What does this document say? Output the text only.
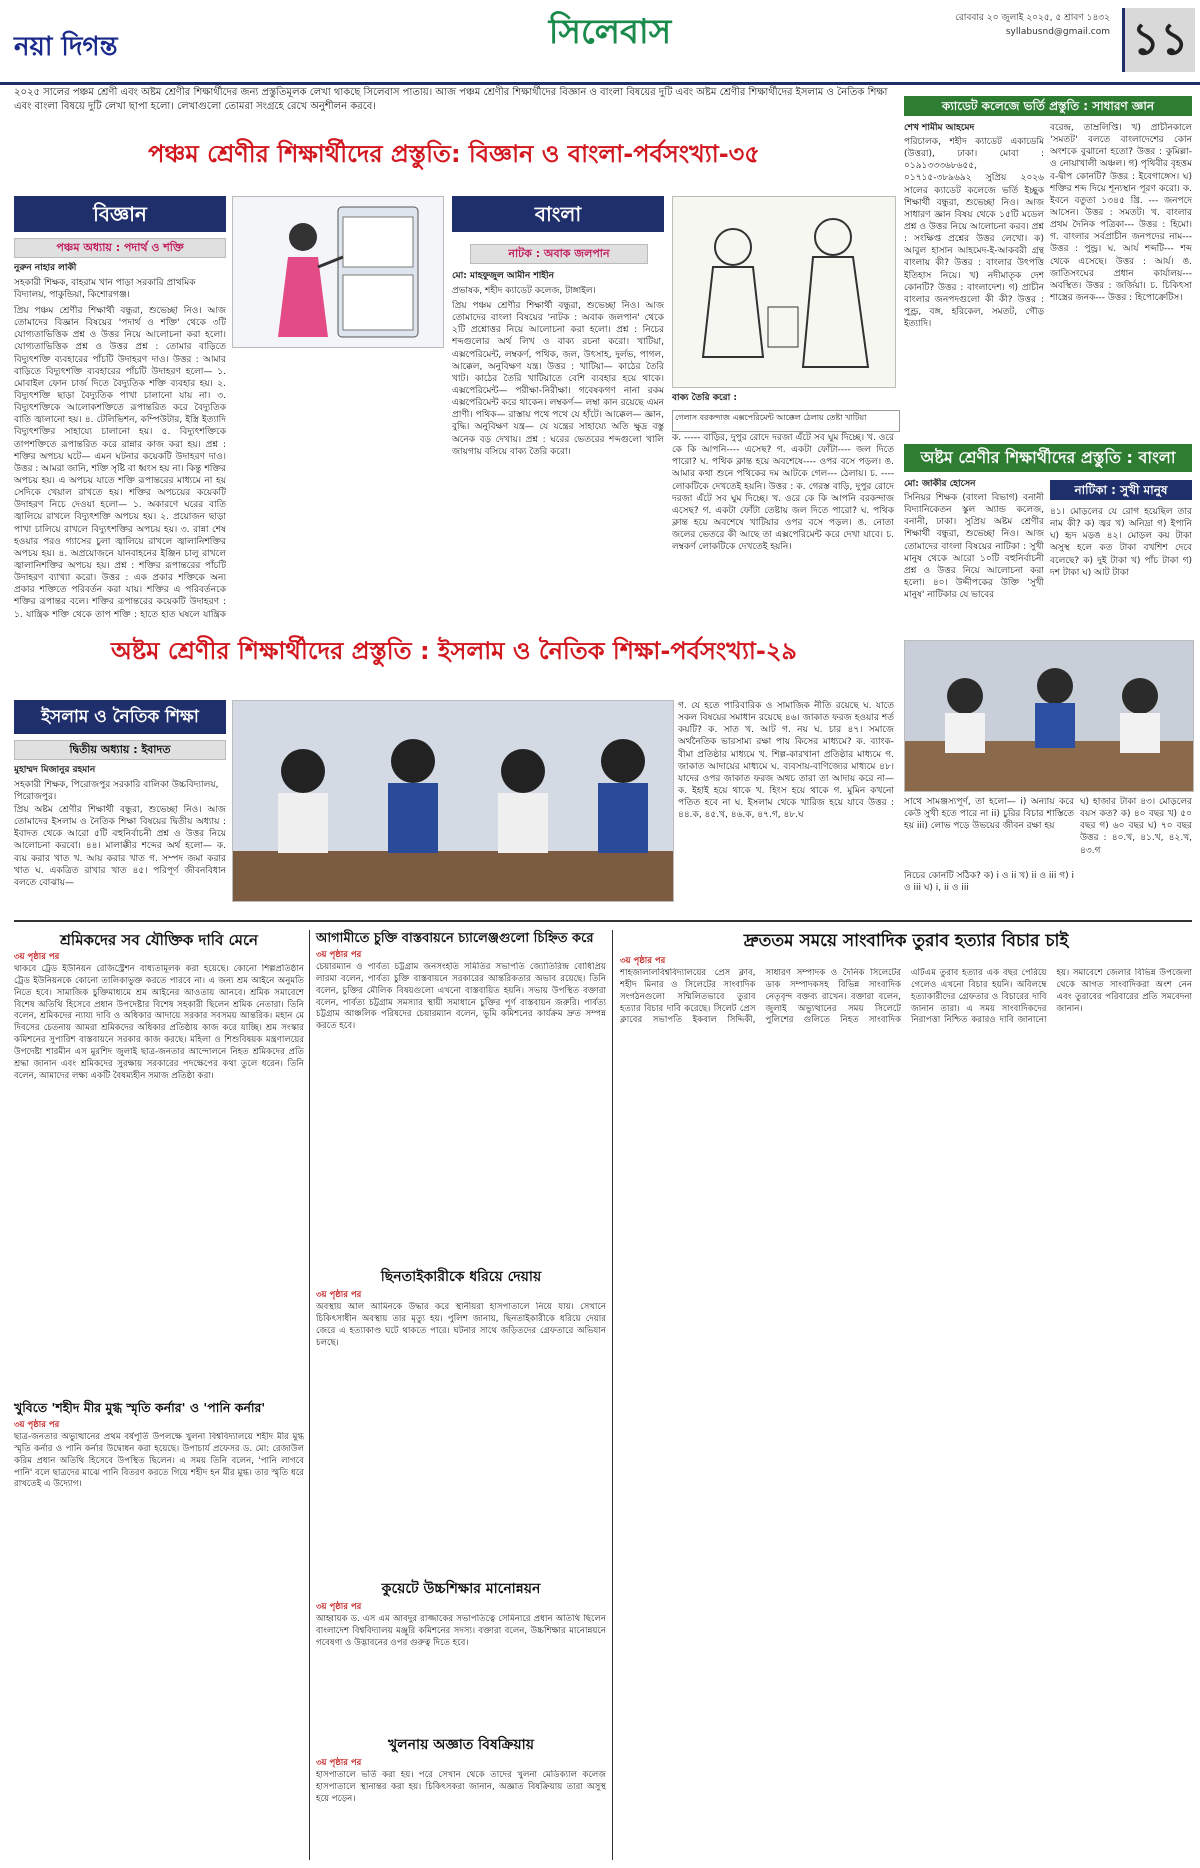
নয়া দিগন্ত	সিলেবাস	রোববার ২০ জুলাই ২০২৫, ৫ শ্রাবণ ১৪৩২
syllabusnd@gmail.com ১১
২০২৫ সালের পঞ্চম শ্রেণী এবং অষ্টম শ্রেণীর শিক্ষার্থীদের জন্য প্রস্তুতিমূলক লেখা থাকছে সিলেবাস পাতায়। আজ পঞ্চম শ্রেণীর শিক্ষার্থীদের বিজ্ঞান ও বাংলা বিষয়ের দুটি এবং অষ্টম শ্রেণীর শিক্ষার্থীদের ইসলাম ও নৈতিক শিক্ষা এবং বাংলা বিষয়ে দুটি লেখা ছাপা হলো। লেখাগুলো তোমরা সংগ্রহে রেখে অনুশীলন করবে।
পঞ্চম শ্রেণীর শিক্ষার্থীদের প্রস্তুতি: বিজ্ঞান ও বাংলা-পর্বসংখ্যা-৩৫
বিজ্ঞান
পঞ্চম অধ্যায় : পদার্থ ও শক্তি

নুরুন নাহার লাকী

সহকারী শিক্ষক, বাহরাম খান পাড়া সরকারি প্রাথমিক বিদ্যালয়, পাকুন্ডিয়া, কিশোরগঞ্জ।

প্রিয় পঞ্চম শ্রেণীর শিক্ষার্থী বন্ধুরা, শুভেচ্ছা নিও। আজ তোমাদের বিজ্ঞান বিষয়ের 'পদার্থ ও শক্তি' থেকে ৩টি যোগ্যতাভিত্তিক প্রশ্ন ও উত্তর নিয়ে আলোচনা করা হলো। যোগ্যতাভিত্তিক প্রশ্ন ও উত্তর প্রশ্ন : তোমার বাড়িতে বিদ্যুৎশক্তি ব্যবহারের পাঁচটি উদাহরণ দাও। উত্তর : আমার বাড়িতে বিদ্যুৎশক্তি ব্যবহারের পাঁচটি উদাহরণ হলো— ১. মোবাইল ফোন চার্জ দিতে বৈদ্যুতিক শক্তি ব্যবহার হয়। ২. বিদ্যুৎশক্তি ছাড়া বৈদ্যুতিক পাখা চালানো যায় না। ৩. বিদ্যুৎশক্তিকে আলোকশক্তিতে রূপান্তরিত করে বৈদ্যুতিক বাতি জ্বালানো হয়। ৪. টেলিভিশন, কম্পিউটার, ইস্ত্রি ইত্যাদি বিদ্যুৎশক্তির সাহায্যে চালানো হয়। ৫. বিদ্যুৎশক্তিকে তাপশক্তিতে রূপান্তরিত করে রান্নার কাজ করা হয়। প্রশ্ন : শক্তির অপচয় ঘটে— এমন ঘটনার কয়েকটি উদাহরণ দাও। উত্তর : আমরা জানি, শক্তি সৃষ্টি বা ধ্বংস হয় না। কিন্তু শক্তির অপচয় হয়। এ অপচয় যাতে শক্তি রূপান্তরের মাধ্যমে না হয় সেদিকে খেয়াল রাখতে হয়। শক্তির অপচয়ের কয়েকটি উদাহরণ নিচে দেওয়া হলো— ১. অকারণে ঘরের বাতি জ্বালিয়ে রাখলে বিদ্যুৎশক্তি অপচয় হয়। ২. প্রয়োজন ছাড়া পাখা চালিয়ে রাখলে বিদ্যুৎশক্তির অপচয় হয়। ৩. রান্না শেষ হওয়ার পরও গ্যাসের চুলা জ্বালিয়ে রাখলে জ্বালানিশক্তির অপচয় হয়। ৪. অপ্রয়োজনে যানবাহনের ইঞ্জিন চালু রাখলে জ্বালানিশক্তির অপচয় হয়। প্রশ্ন : শক্তির রূপান্তরের পাঁচটি উদাহরণ ব্যাখ্যা করো। উত্তর : এক প্রকার শক্তিকে অন্য প্রকার শক্তিতে পরিবর্তন করা যায়। শক্তির এ পরিবর্তনকে শক্তির রূপান্তর বলে। শক্তির রূপান্তরের কয়েকটি উদাহরণ : ১. যান্ত্রিক শক্তি থেকে তাপ শক্তি : হাতে হাত ঘষলে যান্ত্রিক
বাংলা
নাটক : অবাক জলপান

মো: মাহফুজুল আমীন শাহীন

প্রভাষক, শহীদ ক্যাডেট কলেজ, টাঙ্গাইল।

প্রিয় পঞ্চম শ্রেণীর শিক্ষার্থী বন্ধুরা, শুভেচ্ছা নিও। আজ তোমাদের বাংলা বিষয়ের 'নাটক : অবাক জলপান' থেকে ২টি প্রশ্নোত্তর নিয়ে আলোচনা করা হলো। প্রশ্ন : নিচের শব্দগুলোর অর্থ লিখ ও বাক্য রচনা করো। খাটিয়া, এক্সপেরিমেন্ট, লম্বকর্ণ, পথিক, জল, উৎসাহ, দুর্লভ, পাগল, আক্কেল, অনুবিক্ষণ যন্ত্র। উত্তর : খাটিয়া— কাঠের তৈরি খাট। কাঠের তৈরি খাটিয়াতে বেশি ব্যবহার হয়ে থাকে। এক্সপেরিমেন্ট— পরীক্ষা-নিরীক্ষা। গবেষকগণ নানা রকম এক্সপেরিমেন্ট করে থাকেন। লম্বকর্ণ— লম্বা কান রয়েছে এমন প্রাণী। পথিক— রাস্তায় পথে পথে যে হাঁটে। আক্কেল— জ্ঞান, বুদ্ধি। অনুবিক্ষণ যন্ত্র— যে যন্ত্রের সাহায্যে অতি ক্ষুদ্র বস্তু অনেক বড় দেখায়। প্রশ্ন : ঘরের ভেতরের শব্দগুলো খালি জায়গায় বসিয়ে বাক্য তৈরি করো।
বাক্য তৈরি করো :
গেলাস বরকন্দাজ এক্সপেরিমেন্ট আক্কেল ঠেলায় তেষ্টা খাটিয়া
ক. ----- বাড়ির, দুপুর রোদে দরজা এঁটে সব ঘুম দিচ্ছে। খ. ওরে কে কি আপনি---- এসেছ? গ. একটা ফোঁটা---- জল দিতে পারো? ঘ. পথিক ক্লান্ত হয়ে অবশেষে---- ওপর বসে পড়ল। ঙ. আমার কথা শুনে পথিকের দম আটকে গেল--- ঠেলায়। চ. ---- লোকটিকে দেখতেই হয়নি। উত্তর : ক. গেরস্ত বাড়ি, দুপুর রোদে দরজা এঁটে সব ঘুম দিচ্ছে। খ. ওরে কে কি আপনি বরকন্দাজ এসেছ? গ. একটা ফোঁটা তেষ্টায় জল দিতে পারো? ঘ. পথিক ক্লান্ত হয়ে অবশেষে খাটিয়ার ওপর বসে পড়ল। ঙ. নোতা জলের ভেতরে কী আছে তা এক্সপেরিমেন্ট করে দেখা যাবে। চ. লম্বকর্ণ লোকটিকে দেখতেই হয়নি।
ক্যাডেট কলেজে ভর্তি প্রস্তুতি : সাধারণ জ্ঞান

শেখ শামীম আহমেদ

পরিচালক, শহীদ ক্যাডেট একাডেমি (উত্তরা), ঢাকা। মোবা : ০১৯১৩৩৩৬৮৬৫৫, ০১৭১৫-৩৮৯৬৯২ সুপ্রিয় ২০২৬ সালের ক্যাডেট কলেজে ভর্তি ইচ্ছুক শিক্ষার্থী বন্ধুরা, শুভেচ্ছা নিও। আজ সাধারণ জ্ঞান বিষয় থেকে ১৫টি মডেল প্রশ্ন ও উত্তর নিয়ে আলোচনা করব। প্রশ্ন : সংক্ষিপ্ত প্রশ্নের উত্তর লেখো। ক) আবুল হাসান আহমেদ-ই-আকবরী গ্রন্থ বাংলায় কী? উত্তর : বাংলার উৎপত্তি ইতিহাস নিয়ে। খ) নদীমাতৃক দেশ কোনটি? উত্তর : বাংলাদেশ। গ) প্রাচীন বাংলার জনপদগুলো কী কী? উত্তর : পুণ্ড্র, বঙ্গ, হরিকেল, সমতট, গৌড় ইত্যাদি।
বরেন্দ্র, তাম্রলিপ্তি। খ) প্রাচীনকালে 'সমতট' বলতে বাংলাদেশের কোন অংশকে বুঝানো হতো? উত্তর : কুমিল্লা-ও নোয়াখালী অঞ্চল। গ) পৃথিবীর বৃহত্তম ব-দ্বীপ কোনটি? উত্তর : ইবেগাঙ্গেস। ঘ) শক্তির শব্দ দিয়ে শূন্যস্থান পূরণ করো। ক. ইবনে বতুতা ১৩৪৫ খ্রি. --- জনপদে আসেন। উত্তর : সমতট। খ. বাংলার প্রথম দৈনিক পত্রিকা--- উত্তর : হিমো। গ. বাংলার সর্বপ্রাচীন জনপদের নাম--- উত্তর : পুন্ড্র। ঘ. আর্য শব্দটি--- শব্দ থেকে এসেছে। উত্তর : আর্য। ঙ. জাতিসংঘের প্রধান কার্যালয়--- অবস্থিত। উত্তর : জর্জিয়া। চ. চিকিৎসা শাস্ত্রের জনক--- উত্তর : হিপোক্রেটিস।
অষ্টম শ্রেণীর শিক্ষার্থীদের প্রস্তুতি : বাংলা

মো: জাকীর হোসেন

সিনিয়র শিক্ষক (বাংলা বিভাগ) বনানী বিদ্যানিকেতন স্কুল অ্যান্ড কলেজ, বনানী, ঢাকা। সুপ্রিয় অষ্টম শ্রেণীর শিক্ষার্থী বন্ধুরা, শুভেচ্ছা নিও। আজ তোমাদের বাংলা বিষয়ের নাটিকা : সুখী মানুষ থেকে আরো ১০টি বহুনির্বাচনী প্রশ্ন ও উত্তর নিয়ে আলোচনা করা হলো। ৪০। উদ্দীপকের উক্তি 'সুখী মানুষ' নাটিকার যে ভাবের
নাটিকা : সুখী মানুষ
৪১। মোড়লের যে রোগ হয়েছিল তার নাম কী? ক) জ্বর খ) অনিদ্রা গ) ইপানি ঘ) হৃদ মড়ঙ ৪২। মোড়ল কয় টাকা অসুস্থ হলে কত টাকা বখশিশ দেবে বলেছে? ক) দুই টাকা খ) পাঁচ টাকা গ) দশ টাকা ঘ) আট টাকা
সাথে সামঞ্জস্যপূর্ণ, তা হলো— i) অন্যায় করে কেউ সুখী হতে পারে না ii) চুরির বিচার শাস্তিতে হয় iii) লোভ পড়ে উভয়ের জীবন রক্ষা হয়
নিচের কোনটি সঠিক? ক) i ও ii খ) ii ও iii গ) i ও iii ঘ) i, ii ও iii
ঘ) হাজার টাকা ৪৩। মোড়লের বয়স কত? ক) ৪০ বছর খ) ৫০ বছর গ) ৬০ বছর ঘ) ৭০ বছর উত্তর : ৪০.খ, ৪১.খ, ৪২.খ, ৪৩.গ
অষ্টম শ্রেণীর শিক্ষার্থীদের প্রস্তুতি : ইসলাম ও নৈতিক শিক্ষা-পর্বসংখ্যা-২৯
ইসলাম ও নৈতিক শিক্ষা
দ্বিতীয় অধ্যায় : ইবাদত

মুহাম্মদ মিজানুর রহমান

সহকারী শিক্ষক, পিরোজপুর সরকারি বালিকা উচ্চবিদ্যালয়, পিরোজপুর।

প্রিয় অষ্টম শ্রেণীর শিক্ষার্থী বন্ধুরা, শুভেচ্ছা নিও। আজ তোমাদের ইসলাম ও নৈতিক শিক্ষা বিষয়ের দ্বিতীয় অধ্যায় : ইবাদত থেকে আরো ৫টি বহুনির্বাচনী প্রশ্ন ও উত্তর নিয়ে আলোচনা করবো। ৪৪। মালাক্কীর শব্দের অর্থ হলো— ক. ব্যয় করার খাত খ. আয় করার খাত গ. সম্পদ জমা করার খাত ঘ. একত্রিত রাখার খাত ৪৫। পরিপূর্ণ জীবনবিধান বলতে বোঝায়—
গ. যে হতে পারিবারিক ও সামাজিক নীতি রয়েছে ঘ. যাতে সকল বিষয়ের সমাধান রয়েছে ৪৬। জাকাত ফরজ হওয়ার শর্ত কয়টি? ক. সাত খ. আট গ. নয় ঘ. চার ৪৭। সমাজে অর্থনৈতিক ভারসাম্য রক্ষা পায় কিসের মাধ্যমে? ক. ব্যাংক-বীমা প্রতিষ্ঠার মাধ্যমে খ. শিল্প-কারখানা প্রতিষ্ঠার মাধ্যমে গ. জাকাত আদায়ের মাধ্যমে ঘ. ব্যবসায়-বাণিজ্যের মাধ্যমে ৪৮। যাদের ওপর জাকাত ফরজ অথচ তারা তা আদায় করে না— ক. ইহাই হয়ে থাকে খ. হিংস হয়ে থাকে গ. মুমিন কখনো পতিত হবে না ঘ. ইসলাম থেকে খারিজ হয়ে যাবে উত্তর : ৪৪.ক, ৪৫.খ, ৪৬.ক, ৪৭.গ, ৪৮.ঘ
শ্রমিকদের সব যৌক্তিক দাবি মেনে
৩য় পৃষ্ঠার পর
থাকবে ট্রেড ইউনিয়ন রেজিস্ট্রেশন বাধ্যতামূলক করা হয়েছে। কোনো শিল্পপ্রতিষ্ঠান ট্রেড ইউনিয়নকে কোনো তালিকাভুক্ত করতে পারবে না। এ জন্য শ্রম আইনে অনুমতি নিতে হবে। সামাজিক চুক্তিমাধ্যমে শ্রম আইনের আওতায় আনবে। শ্রমিক সমাবেশে বিশেষ অতিথি হিসেবে প্রধান উপদেষ্টার বিশেষ সহকারী ছিলেন শ্রমিক নেতারা। তিনি বলেন, শ্রমিকদের ন্যায্য দাবি ও অধিকার আদায়ে সরকার সবসময় আন্তরিক। মহান মে দিবসের চেতনায় আমরা শ্রমিকদের অধিকার প্রতিষ্ঠায় কাজ করে যাচ্ছি। শ্রম সংস্কার কমিশনের সুপারিশ বাস্তবায়নে সরকার কাজ করছে। মহিলা ও শিশুবিষয়ক মন্ত্রণালয়ের উপদেষ্টা শারমীন এস মুরশিদ জুলাই ছাত্র-জনতার আন্দোলনে নিহত শ্রমিকদের প্রতি শ্রদ্ধা জানান এবং শ্রমিকদের সুরক্ষায় সরকারের পদক্ষেপের কথা তুলে ধরেন। তিনি বলেন, আমাদের লক্ষ্য একটি বৈষম্যহীন সমাজ প্রতিষ্ঠা করা।
খুবিতে 'শহীদ মীর মুগ্ধ স্মৃতি কর্নার' ও 'পানি কর্নার'
৩য় পৃষ্ঠার পর
ছাত্র-জনতার অভ্যুত্থানের প্রথম বর্ষপূর্তি উপলক্ষে খুলনা বিশ্ববিদ্যালয়ে শহীদ মীর মুগ্ধ স্মৃতি কর্নার ও পানি কর্নার উদ্বোধন করা হয়েছে। উপাচার্য প্রফেসর ড. মো: রেজাউল করিম প্রধান অতিথি হিসেবে উপস্থিত ছিলেন। এ সময় তিনি বলেন, 'পানি লাগবে পানি' বলে ছাত্রদের মাঝে পানি বিতরণ করতে গিয়ে শহীদ হন মীর মুগ্ধ। তার স্মৃতি ধরে রাখতেই এ উদ্যোগ।
আগামীতে চুক্তি বাস্তবায়নে চ্যালেঞ্জগুলো চিহ্নিত করে
৩য় পৃষ্ঠার পর
চেয়ারম্যান ও পার্বত্য চট্টগ্রাম জনসংহতি সমিতির সভাপতি জ্যোতিরিন্দ্র বোধিপ্রিয় লারমা বলেন, পার্বত্য চুক্তি বাস্তবায়নে সরকারের আন্তরিকতার অভাব রয়েছে। তিনি বলেন, চুক্তির মৌলিক বিষয়গুলো এখনো বাস্তবায়িত হয়নি। সভায় উপস্থিত বক্তারা বলেন, পার্বত্য চট্টগ্রাম সমস্যার স্থায়ী সমাধানে চুক্তির পূর্ণ বাস্তবায়ন জরুরি। পার্বত্য চট্টগ্রাম আঞ্চলিক পরিষদের চেয়ারম্যান বলেন, ভূমি কমিশনের কার্যক্রম দ্রুত সম্পন্ন করতে হবে।
ছিনতাইকারীকে ধরিয়ে দেয়ায়
৩য় পৃষ্ঠার পর
অবস্থায় আল আমিনকে উদ্ধার করে স্থানীয়রা হাসপাতালে নিয়ে যায়। সেখানে চিকিৎসাধীন অবস্থায় তার মৃত্যু হয়। পুলিশ জানায়, ছিনতাইকারীকে ধরিয়ে দেয়ার জেরে এ হত্যাকাণ্ড ঘটে থাকতে পারে। ঘটনার সাথে জড়িতদের গ্রেফতারে অভিযান চলছে।
কুয়েটে উচ্চশিক্ষার মানোন্নয়ন
৩য় পৃষ্ঠার পর
আহ্বায়ক ড. এস এম আবদুর রাজ্জাকের সভাপতিত্বে সেমিনারে প্রধান অতিথি ছিলেন বাংলাদেশ বিশ্ববিদ্যালয় মঞ্জুরি কমিশনের সদস্য। বক্তারা বলেন, উচ্চশিক্ষার মানোন্নয়নে গবেষণা ও উদ্ভাবনের ওপর গুরুত্ব দিতে হবে।
খুলনায় অজ্ঞাত বিষক্রিয়ায়
৩য় পৃষ্ঠার পর
হাসপাতালে ভর্তি করা হয়। পরে সেখান থেকে তাদের খুলনা মেডিক্যাল কলেজ হাসপাতালে স্থানান্তর করা হয়। চিকিৎসকরা জানান, অজ্ঞাত বিষক্রিয়ায় তারা অসুস্থ হয়ে পড়েন।
দ্রুততম সময়ে সাংবাদিক তুরাব হত্যার বিচার চাই
৩য় পৃষ্ঠার পর
শাহজালালবিশ্ববিদ্যালয়ের প্রেস ক্লাব, শহীদ মিনার ও সিলেটের সাংবাদিক সংগঠনগুলো সম্মিলিতভাবে তুরাব হত্যার বিচার দাবি করেছে। সিলেট প্রেস ক্লাবের সভাপতি ইকবাল সিদ্দিকী, সাধারণ সম্পাদক ও দৈনিক সিলেটের ডাক সম্পাদকসহ বিভিন্ন সাংবাদিক নেতৃবৃন্দ বক্তব্য রাখেন। বক্তারা বলেন, জুলাই অভ্যুত্থানের সময় সিলেটে পুলিশের গুলিতে নিহত সাংবাদিক এটিএম তুরাব হত্যার এক বছর পেরিয়ে গেলেও এখনো বিচার হয়নি। অবিলম্বে হত্যাকারীদের গ্রেফতার ও বিচারের দাবি জানান তারা। এ সময় সাংবাদিকদের নিরাপত্তা নিশ্চিত করারও দাবি জানানো হয়। সমাবেশে জেলার বিভিন্ন উপজেলা থেকে আগত সাংবাদিকরা অংশ নেন এবং তুরাবের পরিবারের প্রতি সমবেদনা জানান।
